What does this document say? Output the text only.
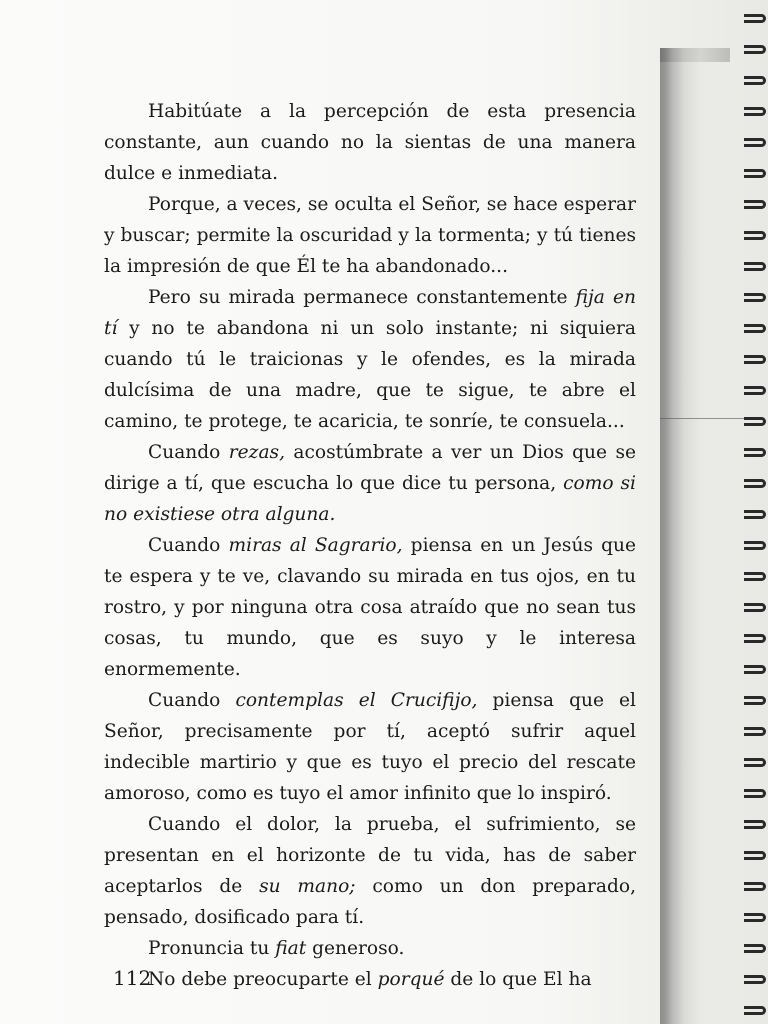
Habitúate a la percepción de esta presencia constante, aun cuando no la sientas de una manera dulce e inmediata.

Porque, a veces, se oculta el Señor, se hace esperar y buscar; permite la oscuridad y la tormenta; y tú tienes la impresión de que Él te ha abandonado...

Pero su mirada permanece constantemente fija en tí y no te abandona ni un solo instante; ni siquiera cuando tú le traicionas y le ofendes, es la mirada dulcísima de una madre, que te sigue, te abre el camino, te protege, te acaricia, te sonríe, te consuela...

Cuando rezas, acostúmbrate a ver un Dios que se dirige a tí, que escucha lo que dice tu persona, como si no existiese otra alguna.

Cuando miras al Sagrario, piensa en un Jesús que te espera y te ve, clavando su mirada en tus ojos, en tu rostro, y por ninguna otra cosa atraído que no sean tus cosas, tu mundo, que es suyo y le interesa enormemente.

Cuando contemplas el Crucifijo, piensa que el Señor, precisamente por tí, aceptó sufrir aquel indecible martirio y que es tuyo el precio del rescate amoroso, como es tuyo el amor infinito que lo inspiró.

Cuando el dolor, la prueba, el sufrimiento, se presentan en el horizonte de tu vida, has de saber aceptarlos de su mano; como un don preparado, pensado, dosificado para tí.

Pronuncia tu fiat generoso.

No debe preocuparte el porqué de lo que El ha

112
